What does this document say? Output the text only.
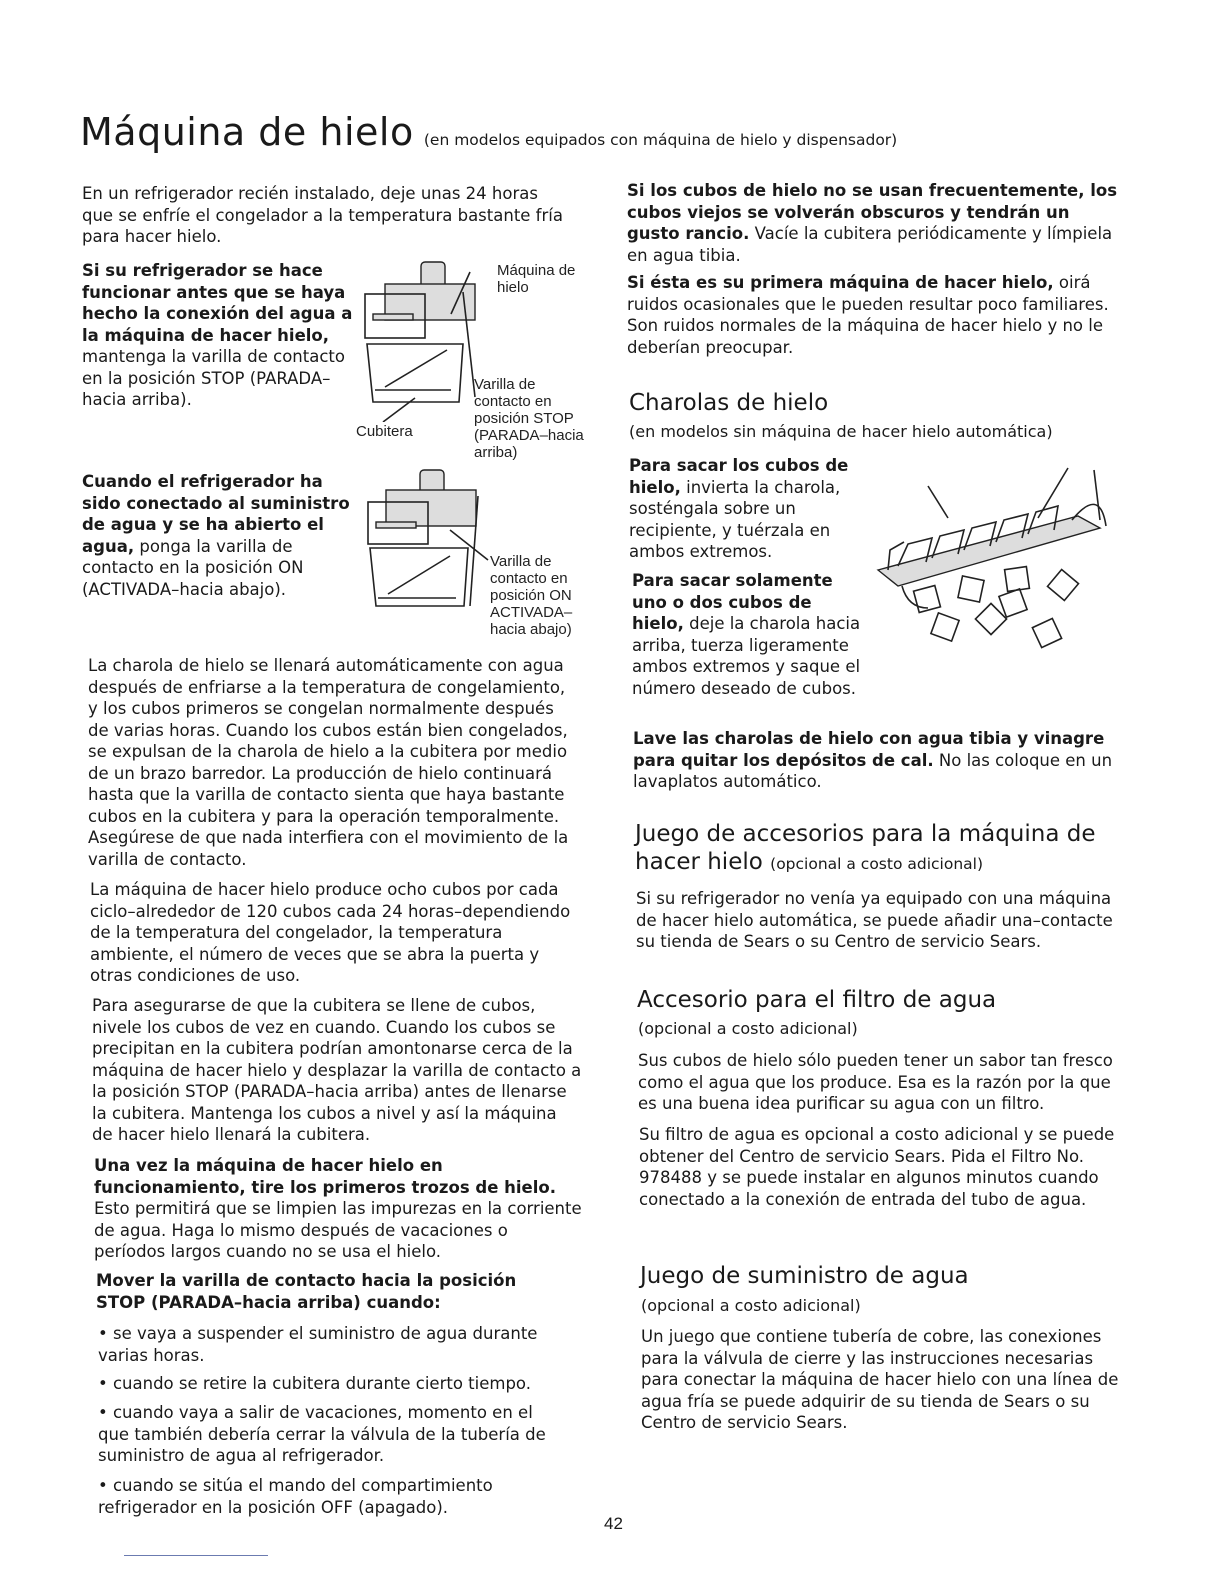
Máquina de hielo (en modelos equipados con máquina de hielo y dispensador)

En un refrigerador recién instalado, deje unas 24 horas que se enfríe el congelador a la temperatura bastante fría para hacer hielo.

Si su refrigerador se hace funcionar antes que se haya hecho la conexión del agua a la máquina de hacer hielo, mantenga la varilla de contacto en la posición STOP (PARADA–hacia arriba).

Máquina de hielo
Cubitera
Varilla de contacto en posición STOP (PARADA–hacia arriba)

Cuando el refrigerador ha sido conectado al suministro de agua y se ha abierto el agua, ponga la varilla de contacto en la posición ON (ACTIVADA–hacia abajo).

Varilla de contacto en posición ON ACTIVADA– hacia abajo)

La charola de hielo se llenará automáticamente con agua después de enfriarse a la temperatura de congelamiento, y los cubos primeros se congelan normalmente después de varias horas. Cuando los cubos están bien congelados, se expulsan de la charola de hielo a la cubitera por medio de un brazo barredor. La producción de hielo continuará hasta que la varilla de contacto sienta que haya bastante cubos en la cubitera y para la operación temporalmente. Asegúrese de que nada interfiera con el movimiento de la varilla de contacto.

La máquina de hacer hielo produce ocho cubos por cada ciclo–alrededor de 120 cubos cada 24 horas–dependiendo de la temperatura del congelador, la temperatura ambiente, el número de veces que se abra la puerta y otras condiciones de uso.

Para asegurarse de que la cubitera se llene de cubos, nivele los cubos de vez en cuando. Cuando los cubos se precipitan en la cubitera podrían amontonarse cerca de la máquina de hacer hielo y desplazar la varilla de contacto a la posición STOP (PARADA–hacia arriba) antes de llenarse la cubitera. Mantenga los cubos a nivel y así la máquina de hacer hielo llenará la cubitera.

Una vez la máquina de hacer hielo en funcionamiento, tire los primeros trozos de hielo. Esto permitirá que se limpien las impurezas en la corriente de agua. Haga lo mismo después de vacaciones o períodos largos cuando no se usa el hielo.

Mover la varilla de contacto hacia la posición STOP (PARADA–hacia arriba) cuando:

• se vaya a suspender el suministro de agua durante varias horas.

• cuando se retire la cubitera durante cierto tiempo.

• cuando vaya a salir de vacaciones, momento en el que también debería cerrar la válvula de la tubería de suministro de agua al refrigerador.

• cuando se sitúa el mando del compartimiento refrigerador en la posición OFF (apagado).

Si los cubos de hielo no se usan frecuentemente, los cubos viejos se volverán obscuros y tendrán un gusto rancio. Vacíe la cubitera periódicamente y límpiela en agua tibia.

Si ésta es su primera máquina de hacer hielo, oirá ruidos ocasionales que le pueden resultar poco familiares. Son ruidos normales de la máquina de hacer hielo y no le deberían preocupar.

Charolas de hielo

(en modelos sin máquina de hacer hielo automática)

Para sacar los cubos de hielo, invierta la charola, sosténgala sobre un recipiente, y tuérzala en ambos extremos.

Para sacar solamente uno o dos cubos de hielo, deje la charola hacia arriba, tuerza ligeramente ambos extremos y saque el número deseado de cubos.

Lave las charolas de hielo con agua tibia y vinagre para quitar los depósitos de cal. No las coloque en un lavaplatos automático.

Juego de accesorios para la máquina de hacer hielo (opcional a costo adicional)

Si su refrigerador no venía ya equipado con una máquina de hacer hielo automática, se puede añadir una–contacte su tienda de Sears o su Centro de servicio Sears.

Accesorio para el filtro de agua

(opcional a costo adicional)

Sus cubos de hielo sólo pueden tener un sabor tan fresco como el agua que los produce. Esa es la razón por la que es una buena idea purificar su agua con un filtro.

Su filtro de agua es opcional a costo adicional y se puede obtener del Centro de servicio Sears. Pida el Filtro No. 978488 y se puede instalar en algunos minutos cuando conectado a la conexión de entrada del tubo de agua.

Juego de suministro de agua

(opcional a costo adicional)

Un juego que contiene tubería de cobre, las conexiones para la válvula de cierre y las instrucciones necesarias para conectar la máquina de hacer hielo con una línea de agua fría se puede adquirir de su tienda de Sears o su Centro de servicio Sears.

42
